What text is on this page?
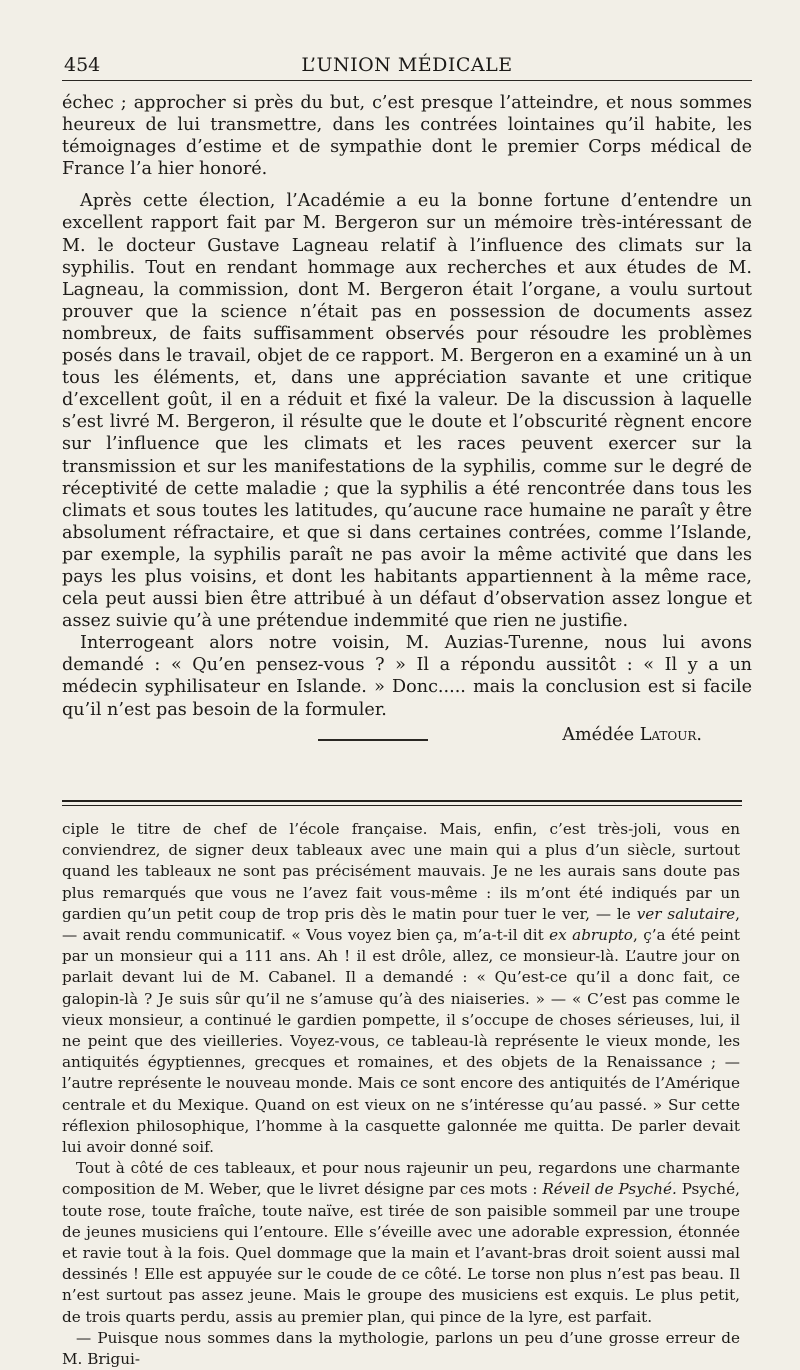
454	L’UNION MÉDICALE

échec ; approcher si près du but, c’est presque l’atteindre, et nous sommes heureux de lui transmettre, dans les contrées lointaines qu’il habite, les témoignages d’estime et de sympathie dont le premier Corps médical de France l’a hier honoré.

Après cette élection, l’Académie a eu la bonne fortune d’entendre un excellent rapport fait par M. Bergeron sur un mémoire très-intéressant de M. le docteur Gustave Lagneau relatif à l’influence des climats sur la syphilis. Tout en rendant hommage aux recherches et aux études de M. Lagneau, la commission, dont M. Bergeron était l’organe, a voulu surtout prouver que la science n’était pas en possession de documents assez nombreux, de faits suffisamment observés pour résoudre les problèmes posés dans le travail, objet de ce rapport. M. Bergeron en a examiné un à un tous les éléments, et, dans une appréciation savante et une critique d’excellent goût, il en a réduit et fixé la valeur. De la discussion à laquelle s’est livré M. Bergeron, il résulte que le doute et l’obscurité règnent encore sur l’influence que les climats et les races peuvent exercer sur la transmission et sur les manifestations de la syphilis, comme sur le degré de réceptivité de cette maladie ; que la syphilis a été rencontrée dans tous les climats et sous toutes les latitudes, qu’aucune race humaine ne paraît y être absolument réfractaire, et que si dans certaines contrées, comme l’Islande, par exemple, la syphilis paraît ne pas avoir la même activité que dans les pays les plus voisins, et dont les habitants appartiennent à la même race, cela peut aussi bien être attribué à un défaut d’observation assez longue et assez suivie qu’à une prétendue indemmité que rien ne justifie.

Interrogeant alors notre voisin, M. Auzias-Turenne, nous lui avons demandé : « Qu’en pensez-vous ? » Il a répondu aussitôt : « Il y a un médecin syphilisateur en Islande. » Donc..... mais la conclusion est si facile qu’il n’est pas besoin de la formuler.

Amédée Latour.

ciple le titre de chef de l’école française. Mais, enfin, c’est très-joli, vous en conviendrez, de signer deux tableaux avec une main qui a plus d’un siècle, surtout quand les tableaux ne sont pas précisément mauvais. Je ne les aurais sans doute pas plus remarqués que vous ne l’avez fait vous-même : ils m’ont été indiqués par un gardien qu’un petit coup de trop pris dès le matin pour tuer le ver, — le ver salutaire, — avait rendu communicatif. « Vous voyez bien ça, m’a-t-il dit ex abrupto, ç’a été peint par un monsieur qui a 111 ans. Ah ! il est drôle, allez, ce monsieur-là. L’autre jour on parlait devant lui de M. Cabanel. Il a demandé : « Qu’est-ce qu’il a donc fait, ce galopin-là ? Je suis sûr qu’il ne s’amuse qu’à des niaiseries. » — « C’est pas comme le vieux monsieur, a continué le gardien pompette, il s’occupe de choses sérieuses, lui, il ne peint que des vieilleries. Voyez-vous, ce tableau-là représente le vieux monde, les antiquités égyptiennes, grecques et romaines, et des objets de la Renaissance ; — l’autre représente le nouveau monde. Mais ce sont encore des antiquités de l’Amérique centrale et du Mexique. Quand on est vieux on ne s’intéresse qu’au passé. » Sur cette réflexion philosophique, l’homme à la casquette galonnée me quitta. De parler devait lui avoir donné soif.

Tout à côté de ces tableaux, et pour nous rajeunir un peu, regardons une charmante composition de M. Weber, que le livret désigne par ces mots : Réveil de Psyché. Psyché, toute rose, toute fraîche, toute naïve, est tirée de son paisible sommeil par une troupe de jeunes musiciens qui l’entoure. Elle s’éveille avec une adorable expression, étonnée et ravie tout à la fois. Quel dommage que la main et l’avant-bras droit soient aussi mal dessinés ! Elle est appuyée sur le coude de ce côté. Le torse non plus n’est pas beau. Il n’est surtout pas assez jeune. Mais le groupe des musiciens est exquis. Le plus petit, de trois quarts perdu, assis au premier plan, qui pince de la lyre, est parfait.

— Puisque nous sommes dans la mythologie, parlons un peu d’une grosse erreur de M. Brigui-
